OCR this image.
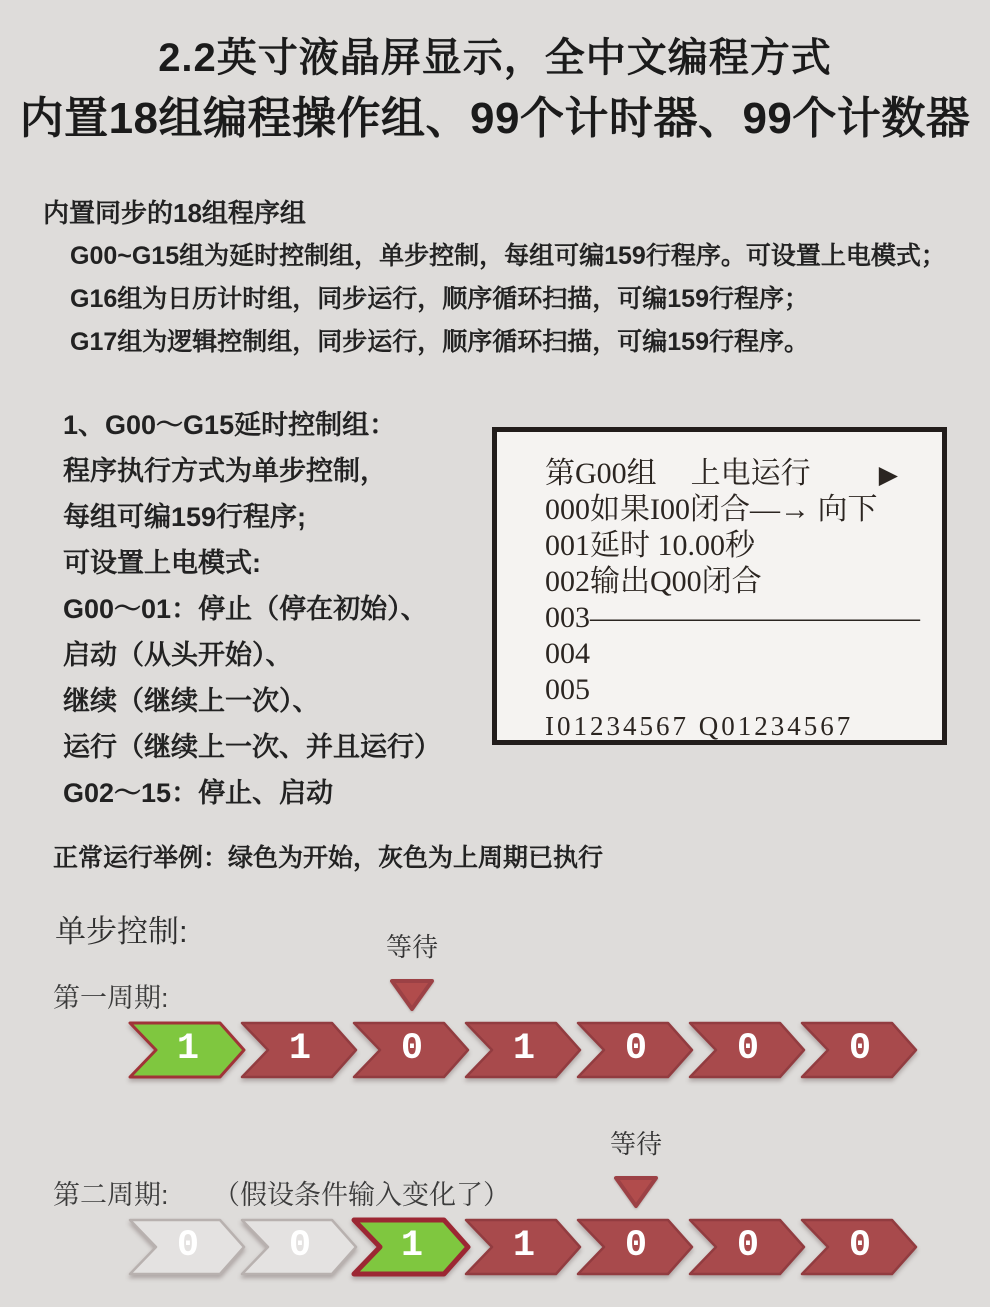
2.2英寸液晶屏显示，全中文编程方式
内置18组编程操作组、99个计时器、99个计数器
内置同步的18组程序组
G00~G15组为延时控制组，单步控制，每组可编159行程序。可设置上电模式；
G16组为日历计时组，同步运行，顺序循环扫描，可编159行程序；
G17组为逻辑控制组，同步运行，顺序循环扫描，可编159行程序。
1、G00～G15延时控制组：
程序执行方式为单步控制，
每组可编159行程序;
可设置上电模式:
G00～01：停止（停在初始）、
启动（从头开始）、
继续（继续上一次）、
运行（继续上一次、并且运行）
G02～15：停止、启动
第G00组 上电运行	▶
000如果I00闭合—→ 向下
001延时 10.00秒
002输出Q00闭合
003———————————
004
005
I01234567 Q01234567
正常运行举例：绿色为开始，灰色为上周期已执行
单步控制:
第一周期:
等待
1	1	0	1	0	0	0
第二周期: （假设条件输入变化了）
等待
0	0	1	1	0	0	0
